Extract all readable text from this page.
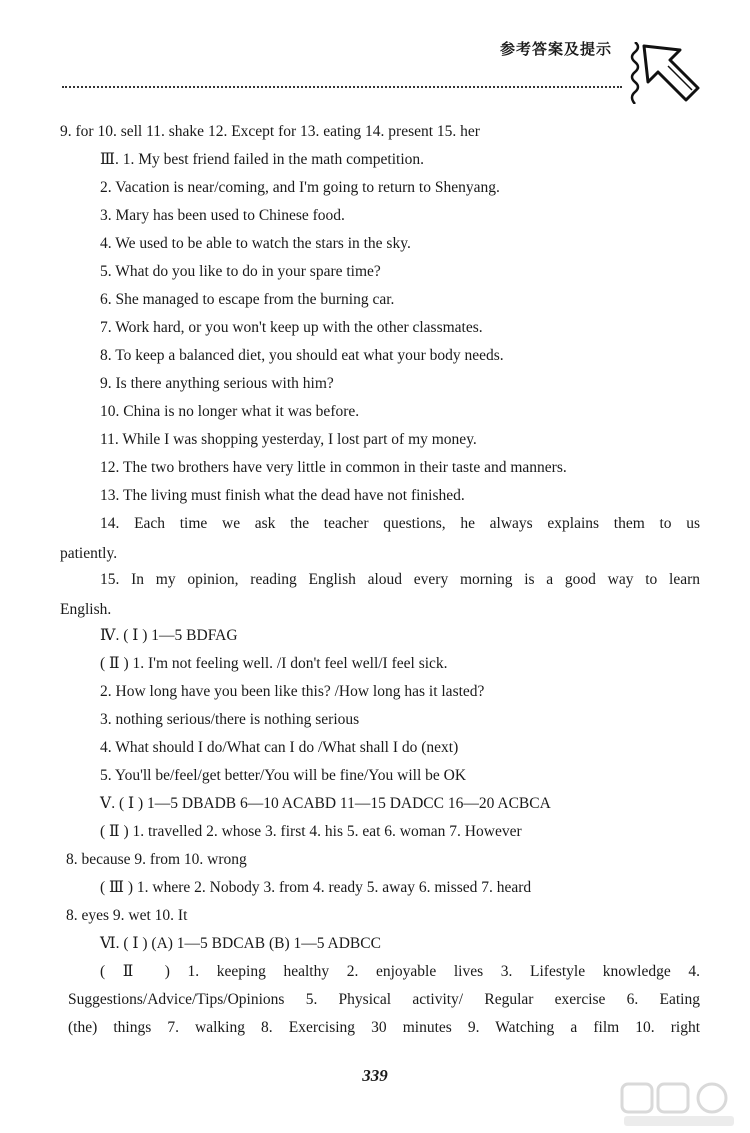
参考答案及提示
9. for 10. sell 11. shake 12. Except for 13. eating 14. present 15. her
Ⅲ. 1. My best friend failed in the math competition.
2. Vacation is near/coming, and I'm going to return to Shenyang.
3. Mary has been used to Chinese food.
4. We used to be able to watch the stars in the sky.
5. What do you like to do in your spare time?
6. She managed to escape from the burning car.
7. Work hard, or you won't keep up with the other classmates.
8. To keep a balanced diet, you should eat what your body needs.
9. Is there anything serious with him?
10. China is no longer what it was before.
11. While I was shopping yesterday, I lost part of my money.
12. The two brothers have very little in common in their taste and manners.
13. The living must finish what the dead have not finished.
14. Each time we ask the teacher questions, he always explains them to us
patiently.
15. In my opinion, reading English aloud every morning is a good way to learn
English.
Ⅳ. ( Ⅰ ) 1—5 BDFAG
( Ⅱ ) 1. I'm not feeling well. /I don't feel well/I feel sick.
2. How long have you been like this? /How long has it lasted?
3. nothing serious/there is nothing serious
4. What should I do/What can I do /What shall I do (next)
5. You'll be/feel/get better/You will be fine/You will be OK
Ⅴ. ( Ⅰ ) 1—5 DBADB 6—10 ACABD 11—15 DADCC 16—20 ACBCA
( Ⅱ ) 1. travelled 2. whose 3. first 4. his 5. eat 6. woman 7. However
8. because 9. from 10. wrong
( Ⅲ ) 1. where 2. Nobody 3. from 4. ready 5. away 6. missed 7. heard
8. eyes 9. wet 10. It
Ⅵ. ( Ⅰ ) (A) 1—5 BDCAB (B) 1—5 ADBCC
( Ⅱ ) 1. keeping healthy 2. enjoyable lives 3. Lifestyle knowledge 4.
Suggestions/Advice/Tips/Opinions 5. Physical activity/ Regular exercise 6. Eating
(the) things 7. walking 8. Exercising 30 minutes 9. Watching a film 10. right
339
